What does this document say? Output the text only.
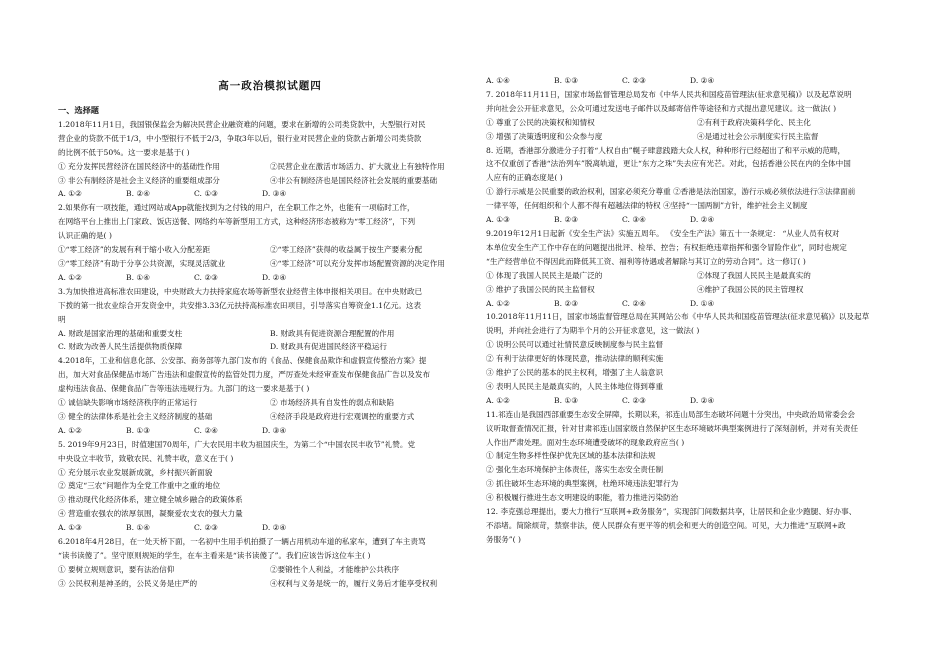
高一政治模拟试题四

一、选择题

1.2018年11月1日，我国银保监会为解决民营企业融资难的问题，要求在新增的公司类贷款中，大型银行对民

营企业的贷款不低于1/3，中小型银行不低于2/3，争取3年以后，银行业对民营企业的贷款占新增公司类贷款

的比例不低于50%。这一要求是基于( )

① 充分发挥民营经济在国民经济中的基础性作用	②民营企业在激活市场活力、扩大就业上有独特作用

③ 非公有制经济是社会主义经济的重要组成部分	④非公有制经济也是国民经济社会发展的重要基础

A. ①②	B. ②④	C. ①③	D. ③④

2.如果你有一项技能，通过网站或App就能找到为之付钱的用户，在全职工作之外，也能有一项临时工作，

在网络平台上推出上门家政、饭店送餐、网络约车等新型用工方式，这种经济形态被称为“零工经济”，下列

认识正确的是( )

①“零工经济”的发展有利于缩小收入分配差距	②“零工经济”获得的收益属于按生产要素分配

③“零工经济”有助于分享公共资源，实现灵活就业	④“零工经济”可以充分发挥市场配置资源的决定作用

A. ①②	B. ①④	C. ②③	D. ②④

3.为加快推进高标准农田建设，中央财政大力扶持家庭农场等新型农业经营主体申报相关项目。在中央财政已

下拨的第一批农业综合开发资金中，共安排3.33亿元扶持高标准农田项目，引导落实自筹资金1.1亿元。这表

明

A. 财政是国家治理的基础和重要支柱	B. 财政具有促进资源合理配置的作用

C. 财政为改善人民生活提供物质保障	D. 财政具有促进国民经济平稳运行

4.2018年，工业和信息化部、公安部、商务部等九部门发布的《食品、保健食品欺诈和虚假宣传整治方案》提

出，加大对食品保健品市场广告违法和虚假宣传的监管处罚力度，严厉查处未经审查发布保健食品广告以及发布

虚构违法食品、保健食品广告等违法违规行为。九部门的这一要求是基于( )

① 诚信缺失影响市场经济秩序的正常运行	② 市场经济具有自发性的弱点和缺陷

③ 健全的法律体系是社会主义经济制度的基础	④经济手段是政府进行宏观调控的重要方式

A. ①②	B. ①③	C. ②④	D. ③④

5. 2019年9月23日，时值建国70周年，广大农民用丰收为祖国庆生，为第二个“中国农民丰收节”礼赞。党

中央设立丰收节，致敬农民、礼赞丰收，意义在于( )

① 充分展示农业发展新成就，乡村振兴新面貌

② 奠定“三农”问题作为全党工作重中之重的地位

③ 推动现代化经济体系，建立健全城乡融合的政策体系

④ 营造重农强农的浓厚氛围，凝聚爱农支农的强大力量

A. ①③	B. ①④	C. ②③	D. ②④

6.2018年4月28日，在一处天桥下面，一名初中生用手机拍摄了一辆占用机动车道的私家车，遭到了车主责骂

“读书读傻了”。坚守原则规矩的学生，在车主看来是“读书读傻了”。我们应该告诉这位车主( )

① 要树立规则意识，要有法治信仰	②要锻性个人利益，才能维护公共秩序

③ 公民权利是神圣的，公民义务是庄严的	④权利与义务是统一的，履行义务后才能享受权利

A. ①④	B. ①③	C. ②③	D. ②④

7. 2018年11月11日，国家市场监督管理总局发布《中华人民共和国疫苗管理法(征求意见稿)》以及起草说明

并向社会公开征求意见，公众可通过发送电子邮件以及邮寄信件等途径和方式提出意见建议。这一做法( )

① 尊重了公民的决策权和知情权	②有利于政府决策科学化、民主化

③ 增强了决策透明度和公众参与度	④是通过社会公示制度实行民主监督

8. 近期，香港部分激进分子打着“人权自由”幌子肆意践踏大众人权，种种形行已经超出了和平示威的范畴，

这不仅重创了香港“法治列车”脱离轨道，更让“东方之珠”失去应有光芒。对此，包括香港公民在内的全体中国

人应有的正确态度是( )

① 游行示威是公民重要的政治权利，国家必须充分尊重 ②香港是法治国家，游行示威必须依法进行③法律面前

一律平等，任何组织和个人都不得有超越法律的特权 ④坚持“一国两制”方针，维护社会主义制度

A. ①③	B. ②③	C. ③④	D. ②④

9.2019年12月1日起新《安全生产法》实施五周年。 《安全生产法》第五十一条规定： “从业人员有权对

本单位安全生产工作中存在的问题提出批评、检举、控告；有权拒绝违章指挥和强令冒险作业”，同时也规定

“生产经营单位不得因此而降低其工资、福利等待遇或者解除与其订立的劳动合同”。这一修订( )

① 体现了我国人民民主是最广泛的	②体现了我国人民民主是最真实的

③ 维护了我国公民的民主监督权	④维护了我国公民的民主管理权

A. ①②	B. ②③	C. ②④	D. ①④

10.2018年11月11日，国家市场监督管理总局在其网站公布《中华人民共和国疫苗管理法(征求意见稿)》以及起草

说明，并向社会进行了为期半个月的公开征求意见，这一做法( )

① 说明公民可以通过社情民意反映制度参与民主监督

② 有利于法律更好的体现民意，推动法律的顺利实施

③ 维护了公民的基本的民主权利，增强了主人翁意识

④ 表明人民民主是最真实的，人民主体地位得到尊重

A. ①②	B. ①③	C. ②③	D. ②④

11.祁连山是我国西部重要生态安全屏障，长期以来，祁连山局部生态破坏问题十分突出，中央政治局常委会会

议听取督查情况汇报，针对甘肃祁连山国家级自然保护区生态环境破坏典型案例进行了深刻剖析，并对有关责任

人作出严肃处理。面对生态环境遭受破坏的现象政府应当( )

① 制定生物多样性保护优先区域的基本法律和法规

② 强化生态环境保护主体责任，落实生态安全责任制

③ 抓住破坏生态环境的典型案例，杜绝环境违法犯罪行为

④ 积极履行推进生态文明建设的职能，着力推进污染防治

12. 李克强总理提出，要大力推行“互联网+政务服务”，实现部门间数据共享，让居民和企业少跑腿、好办事、

不添堵。简除烦苛，禁察非法，使人民群众有更平等的机会和更大的创造空间。可见，大力推进“互联网+政

务服务”( )
